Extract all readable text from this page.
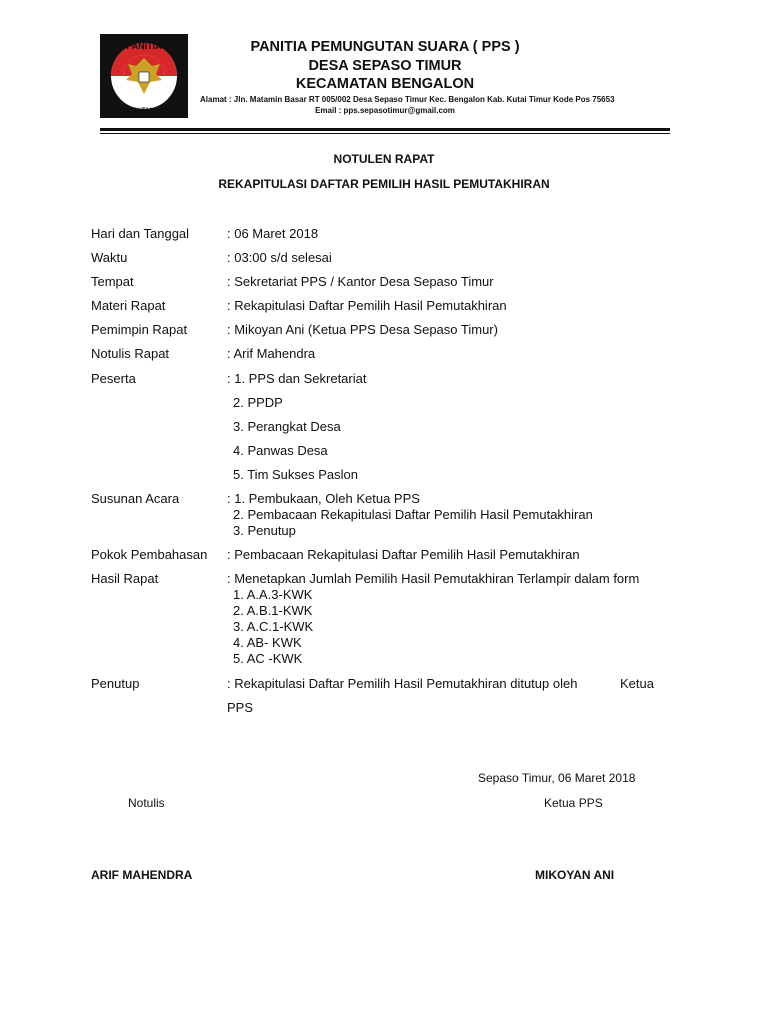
PANITIA
PEMUNGUTAN SUARA
PANITIA PEMUNGUTAN SUARA ( PPS )
DESA SEPASO TIMUR
KECAMATAN BENGALON
Alamat : Jln. Matamin Basar RT 005/002 Desa Sepaso Timur Kec. Bengalon Kab. Kutai Timur Kode Pos 75653
Email : pps.sepasotimur@gmail.com
NOTULEN RAPAT
REKAPITULASI DAFTAR PEMILIH HASIL PEMUTAKHIRAN
Hari dan Tanggal	: 06 Maret 2018
Waktu	: 03:00 s/d selesai
Tempat	: Sekretariat PPS / Kantor Desa Sepaso Timur
Materi Rapat	: Rekapitulasi Daftar Pemilih Hasil Pemutakhiran
Pemimpin Rapat	: Mikoyan Ani (Ketua PPS Desa Sepaso Timur)
Notulis Rapat	: Arif Mahendra
Peserta	: 1. PPS dan Sekretariat
2. PPDP
3. Perangkat Desa
4. Panwas Desa
5. Tim Sukses Paslon
Susunan Acara	: 1. Pembukaan, Oleh Ketua PPS
2. Pembacaan Rekapitulasi Daftar Pemilih Hasil Pemutakhiran
3. Penutup
Pokok Pembahasan : Pembacaan Rekapitulasi Daftar Pemilih Hasil Pemutakhiran
Hasil Rapat	: Menetapkan Jumlah Pemilih Hasil Pemutakhiran Terlampir dalam form
1. A.A.3-KWK
2. A.B.1-KWK
3. A.C.1-KWK
4. AB- KWK
5. AC -KWK
Penutup	: Rekapitulasi Daftar Pemilih Hasil Pemutakhiran ditutup oleh	Ketua
PPS
Sepaso Timur, 06 Maret 2018
Notulis	Ketua PPS
ARIF MAHENDRA	MIKOYAN ANI
